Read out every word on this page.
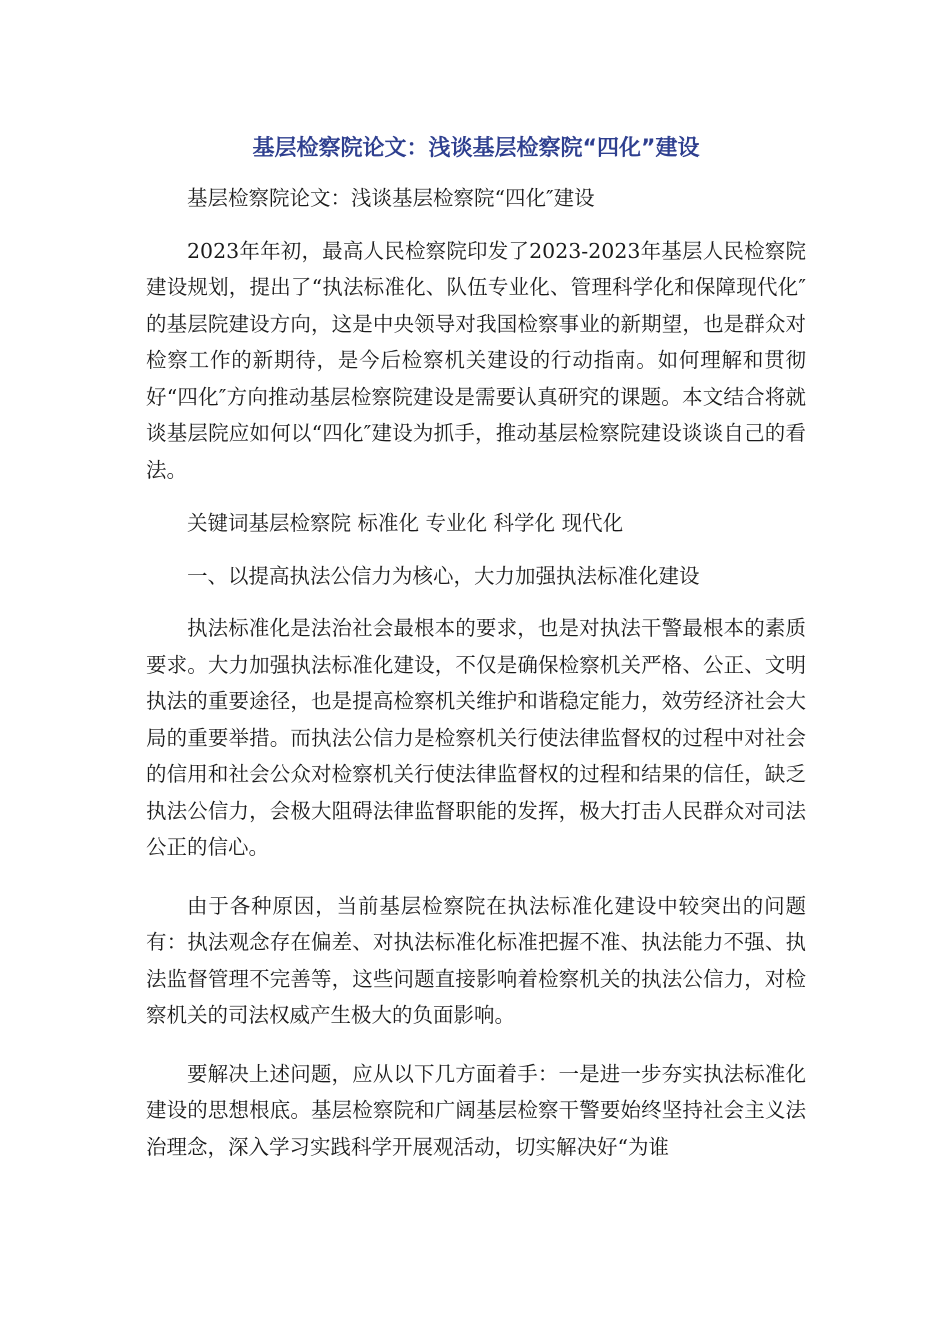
基层检察院论文：浅谈基层检察院“四化”建设

基层检察院论文：浅谈基层检察院“四化″建设

2023年年初，最高人民检察院印发了2023-2023年基层人民检察院建设规划，提出了“执法标准化、队伍专业化、管理科学化和保障现代化″的基层院建设方向，这是中央领导对我国检察事业的新期望，也是群众对检察工作的新期待，是今后检察机关建设的行动指南。如何理解和贯彻好“四化″方向推动基层检察院建设是需要认真研究的课题。本文结合将就谈基层院应如何以“四化″建设为抓手，推动基层检察院建设谈谈自己的看法。

关键词基层检察院 标准化 专业化 科学化 现代化

一、以提高执法公信力为核心，大力加强执法标准化建设

执法标准化是法治社会最根本的要求，也是对执法干警最根本的素质要求。大力加强执法标准化建设，不仅是确保检察机关严格、公正、文明执法的重要途径，也是提高检察机关维护和谐稳定能力，效劳经济社会大局的重要举措。而执法公信力是检察机关行使法律监督权的过程中对社会的信用和社会公众对检察机关行使法律监督权的过程和结果的信任，缺乏执法公信力，会极大阻碍法律监督职能的发挥，极大打击人民群众对司法公正的信心。

由于各种原因，当前基层检察院在执法标准化建设中较突出的问题有：执法观念存在偏差、对执法标准化标准把握不准、执法能力不强、执法监督管理不完善等，这些问题直接影响着检察机关的执法公信力，对检察机关的司法权威产生极大的负面影响。

要解决上述问题，应从以下几方面着手：一是进一步夯实执法标准化建设的思想根底。基层检察院和广阔基层检察干警要始终坚持社会主义法治理念，深入学习实践科学开展观活动，切实解决好“为谁
